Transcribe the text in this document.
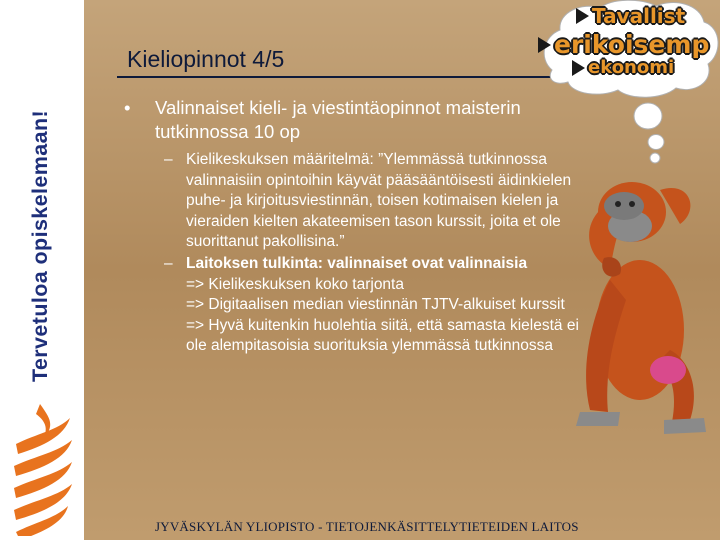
Tervetuloa opiskelemaan!
Kieliopinnot 4/5
Tavallist
erikoisemp
ekonomi
•	Valinnaiset kieli- ja viestintäopinnot maisterin tutkinnossa 10 op
– Kielikeskuksen määritelmä: ”Ylemmässä tutkinnossa valinnaisiin opintoihin käyvät pääsääntöisesti äidinkielen puhe- ja kirjoitusviestinnän, toisen kotimaisen kielen ja vieraiden kielten akateemisen tason kurssit, joita et ole suorittanut pakollisina.”
– Laitoksen tulkinta: valinnaiset ovat valinnaisia
=> Kielikeskuksen koko tarjonta
=> Digitaalisen median viestinnän TJTV-alkuiset kurssit
=> Hyvä kuitenkin huolehtia siitä, että samasta kielestä ei ole alempitasoisia suorituksia ylemmässä tutkinnossa
JYVÄSKYLÄN YLIOPISTO - TIETOJENKÄSITTELYTIETEIDEN LAITOS
